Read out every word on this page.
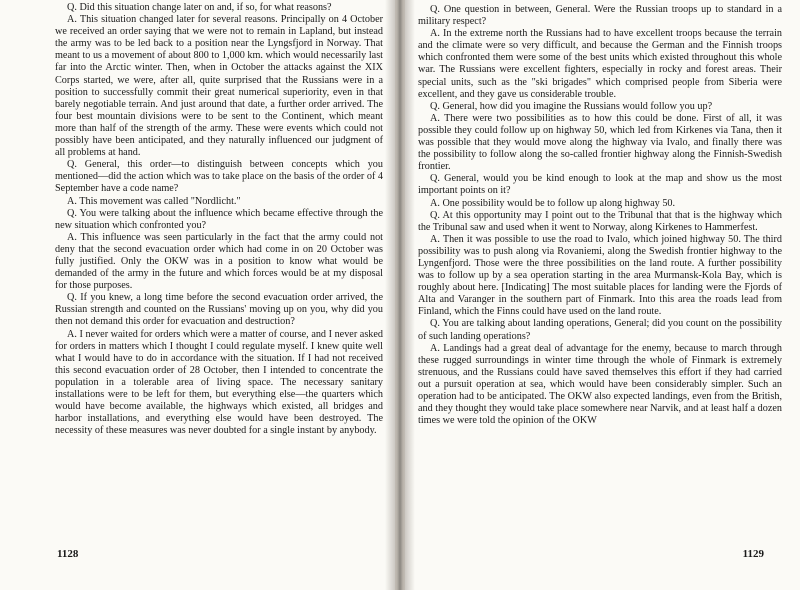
Q. Did this situation change later on and, if so, for what reasons?

A. This situation changed later for several reasons. Principally on 4 October we received an order saying that we were not to remain in Lapland, but instead the army was to be led back to a position near the Lyngsfjord in Norway. That meant to us a movement of about 800 to 1,000 km. which would necessarily last far into the Arctic winter. Then, when in October the attacks against the XIX Corps started, we were, after all, quite surprised that the Russians were in a position to successfully commit their great numerical superiority, even in that barely negotiable terrain. And just around that date, a further order arrived. The four best mountain divisions were to be sent to the Continent, which meant more than half of the strength of the army. These were events which could not possibly have been anticipated, and they naturally influenced our judgment of all problems at hand.

Q. General, this order—to distinguish between concepts which you mentioned—did the action which was to take place on the basis of the order of 4 September have a code name?

A. This movement was called "Nordlicht."

Q. You were talking about the influence which became effective through the new situation which confronted you?

A. This influence was seen particularly in the fact that the army could not deny that the second evacuation order which had come in on 20 October was fully justified. Only the OKW was in a position to know what would be demanded of the army in the future and which forces would be at my disposal for those purposes.

Q. If you knew, a long time before the second evacuation order arrived, the Russian strength and counted on the Russians' moving up on you, why did you then not demand this order for evacuation and destruction?

A. I never waited for orders which were a matter of course, and I never asked for orders in matters which I thought I could regulate myself. I knew quite well what I would have to do in accordance with the situation. If I had not received this second evacuation order of 28 October, then I intended to concentrate the population in a tolerable area of living space. The necessary sanitary installations were to be left for them, but everything else—the quarters which would have become available, the highways which existed, all bridges and harbor installations, and everything else would have been destroyed. The necessity of these measures was never doubted for a single instant by anybody.

1128

Q. One question in between, General. Were the Russian troops up to standard in a military respect?

A. In the extreme north the Russians had to have excellent troops because the terrain and the climate were so very difficult, and because the German and the Finnish troops which confronted them were some of the best units which existed throughout this whole war. The Russians were excellent fighters, especially in rocky and forest areas. Their special units, such as the "ski brigades" which comprised people from Siberia were excellent, and they gave us considerable trouble.

Q. General, how did you imagine the Russians would follow you up?

A. There were two possibilities as to how this could be done. First of all, it was possible they could follow up on highway 50, which led from Kirkenes via Tana, then it was possible that they would move along the highway via Ivalo, and finally there was the possibility to follow along the so-called frontier highway along the Finnish-Swedish frontier.

Q. General, would you be kind enough to look at the map and show us the most important points on it?

A. One possibility would be to follow up along highway 50.

Q. At this opportunity may I point out to the Tribunal that that is the highway which the Tribunal saw and used when it went to Norway, along Kirkenes to Hammerfest.

A. Then it was possible to use the road to Ivalo, which joined highway 50. The third possibility was to push along via Rovaniemi, along the Swedish frontier highway to the Lyngenfjord. Those were the three possibilities on the land route. A further possibility was to follow up by a sea operation starting in the area Murmansk-Kola Bay, which is roughly about here. [Indicating] The most suitable places for landing were the Fjords of Alta and Varanger in the southern part of Finmark. Into this area the roads lead from Finland, which the Finns could have used on the land route.

Q. You are talking about landing operations, General; did you count on the possibility of such landing operations?

A. Landings had a great deal of advantage for the enemy, because to march through these rugged surroundings in winter time through the whole of Finmark is extremely strenuous, and the Russians could have saved themselves this effort if they had carried out a pursuit operation at sea, which would have been considerably simpler. Such an operation had to be anticipated. The OKW also expected landings, even from the British, and they thought they would take place somewhere near Narvik, and at least half a dozen times we were told the opinion of the OKW

1129
